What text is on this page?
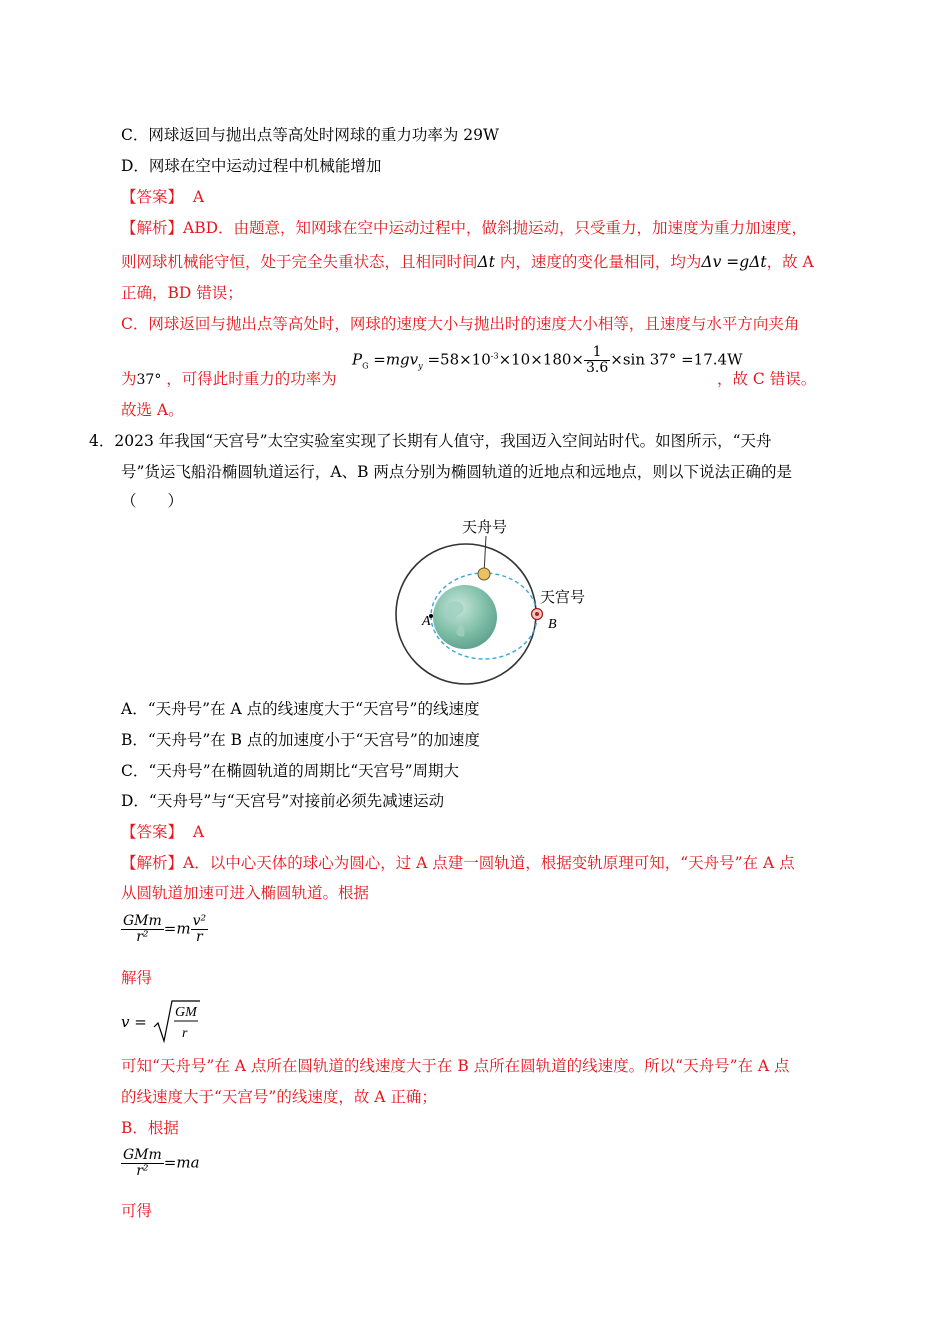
C．网球返回与抛出点等高处时网球的重力功率为 29W
D．网球在空中运动过程中机械能增加
【答案】 A
【解析】ABD．由题意，知网球在空中运动过程中，做斜抛运动，只受重力，加速度为重力加速度，
则网球机械能守恒，处于完全失重状态，且相同时间Δt 内，速度的变化量相同，均为Δv =gΔt，故 A
正确，BD 错误；
C．网球返回与抛出点等高处时，网球的速度大小与抛出时的速度大小相等，且速度与水平方向夹角
为37° ，可得此时重力的功率为
$P_G =mgv_y =58\times 10^{-3}\times 10\times 180\times \frac{1}{3.6} \times\sin$ 37° =17.4W
，故 C 错误。
故选 A。
4．2023 年我国“天宫号”太空实验室实现了长期有人值守，我国迈入空间站时代。如图所示，“天舟
号”货运飞船沿椭圆轨道运行，A、B 两点分别为椭圆轨道的近地点和远地点，则以下说法正确的是
（　　）
天舟号
天宫号
A	B
A．“天舟号”在 A 点的线速度大于“天宫号”的线速度
B．“天舟号”在 B 点的加速度小于“天宫号”的加速度
C．“天舟号”在椭圆轨道的周期比“天宫号”周期大
D．“天舟号”与“天宫号”对接前必须先减速运动
【答案】 A
【解析】A．以中心天体的球心为圆心，过 A 点建一圆轨道，根据变轨原理可知，“天舟号”在 A 点
从圆轨道加速可进入椭圆轨道。根据
$\frac{\text{GMm}}{\text{r²}} =m \frac{\text{v²}}{r}$
解得
v =
GM
r
可知“天舟号”在 A 点所在圆轨道的线速度大于在 B 点所在圆轨道的线速度。所以“天舟号”在 A 点
的线速度大于“天宫号”的线速度，故 A 正确；
B．根据
$\frac{\text{GMm}}{\text{r²}} =ma$
可得
